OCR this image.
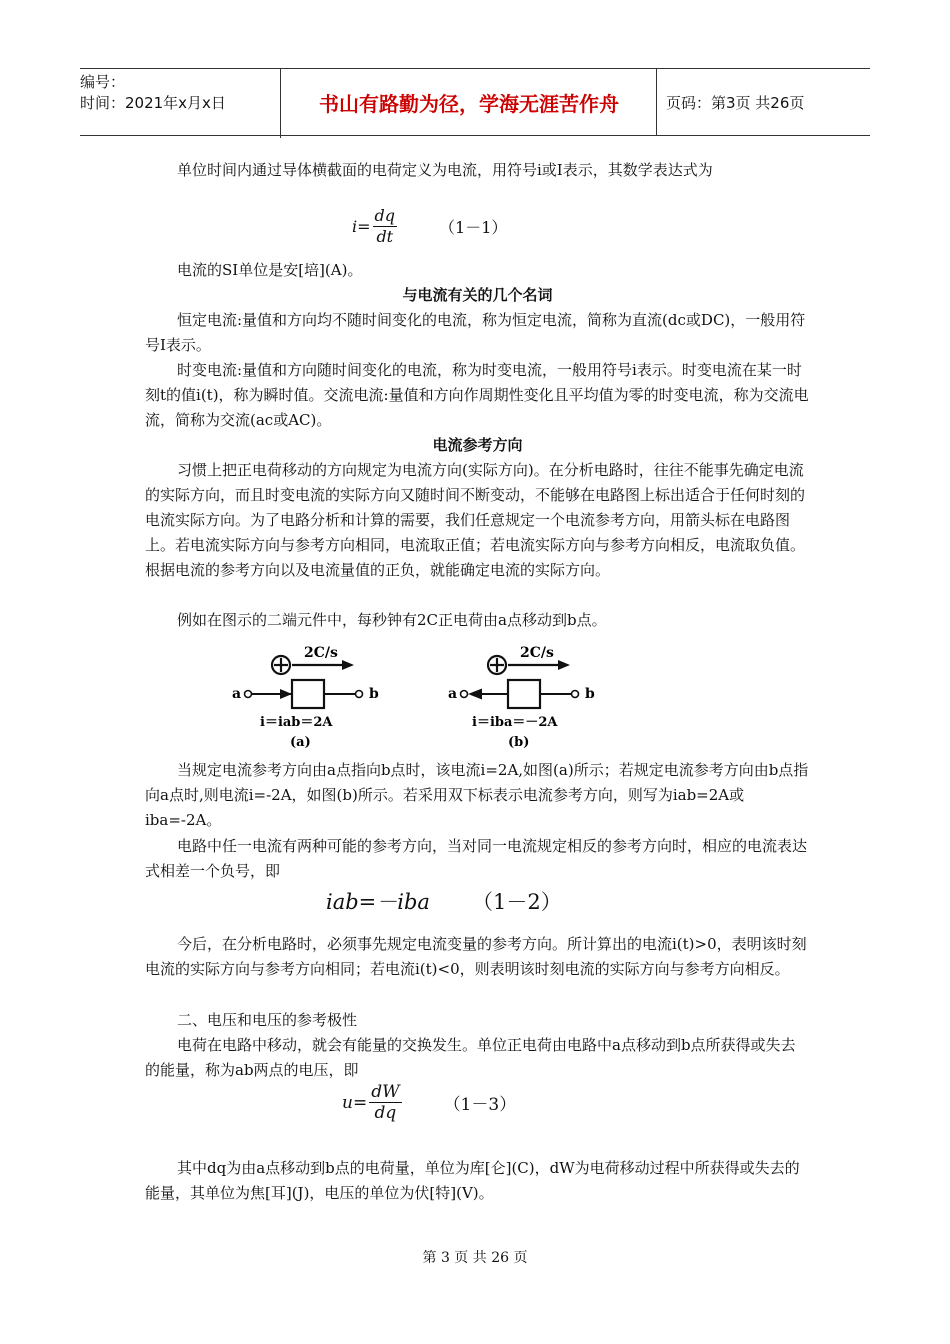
编号：
时间：2021年x月x日	书山有路勤为径，学海无涯苦作舟	页码：第3页 共26页

单位时间内通过导体横截面的电荷定义为电流，用符号i或I表示，其数学表达式为

$i= \frac{dq}{dt}$	（1－1）

电流的SI单位是安[培](A)。

与电流有关的几个名词

恒定电流:量值和方向均不随时间变化的电流，称为恒定电流，简称为直流(dc或DC)，一般用符号I表示。

时变电流:量值和方向随时间变化的电流，称为时变电流，一般用符号i表示。时变电流在某一时刻t的值i(t)，称为瞬时值。交流电流:量值和方向作周期性变化且平均值为零的时变电流，称为交流电流，简称为交流(ac或AC)。

电流参考方向

习惯上把正电荷移动的方向规定为电流方向(实际方向)。在分析电路时，往往不能事先确定电流的实际方向，而且时变电流的实际方向又随时间不断变动，不能够在电路图上标出适合于任何时刻的电流实际方向。为了电路分析和计算的需要，我们任意规定一个电流参考方向，用箭头标在电路图上。若电流实际方向与参考方向相同，电流取正值；若电流实际方向与参考方向相反，电流取负值。根据电流的参考方向以及电流量值的正负，就能确定电流的实际方向。

例如在图示的二端元件中，每秒钟有2C正电荷由a点移动到b点。

2C/s
a	b
i＝iab＝2A
(a)
2C/s
a	b
i＝iba＝－2A
(b)

当规定电流参考方向由a点指向b点时，该电流i=2A,如图(a)所示；若规定电流参考方向由b点指向a点时,则电流i=-2A，如图(b)所示。若采用双下标表示电流参考方向，则写为iab=2A或iba=-2A。

电路中任一电流有两种可能的参考方向，当对同一电流规定相反的参考方向时，相应的电流表达式相差一个负号，即

iab=－iba （1－2）

今后，在分析电路时，必须事先规定电流变量的参考方向。所计算出的电流i(t)>0，表明该时刻电流的实际方向与参考方向相同；若电流i(t)<0，则表明该时刻电流的实际方向与参考方向相反。

二、电压和电压的参考极性

电荷在电路中移动，就会有能量的交换发生。单位正电荷由电路中a点移动到b点所获得或失去的能量，称为ab两点的电压，即

$u= \frac{dW}{dq} (1-3)$

其中dq为由a点移动到b点的电荷量，单位为库[仑](C)，dW为电荷移动过程中所获得或失去的能量，其单位为焦[耳](J)，电压的单位为伏[特](V)。

第 3 页 共 26 页
